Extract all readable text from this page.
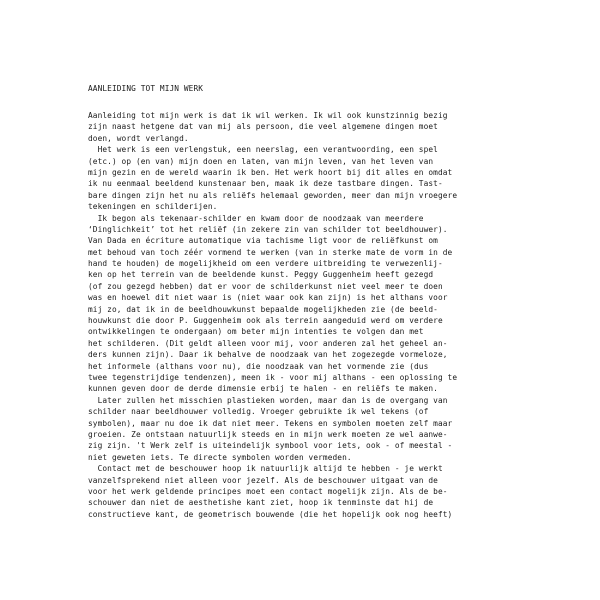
AANLEIDING TOT MIJN WERK
Aanleiding tot mijn werk is dat ik wil werken. Ik wil ook kunstzinnig bezig
zijn naast hetgene dat van mij als persoon, die veel algemene dingen moet
doen, wordt verlangd.
Het werk is een verlengstuk, een neerslag, een verantwoording, een spel
(etc.) op (en van) mijn doen en laten, van mijn leven, van het leven van
mijn gezin en de wereld waarin ik ben. Het werk hoort bij dit alles en omdat
ik nu eenmaal beeldend kunstenaar ben, maak ik deze tastbare dingen. Tast-
bare dingen zijn het nu als reliëfs helemaal geworden, meer dan mijn vroegere
tekeningen en schilderijen.
Ik begon als tekenaar-schilder en kwam door de noodzaak van meerdere
‘Dinglichkeit’ tot het reliëf (in zekere zin van schilder tot beeldhouwer).
Van Dada en écriture automatique via tachisme ligt voor de reliëfkunst om
met behoud van toch zéér vormend te werken (van in sterke mate de vorm in de
hand te houden) de mogelijkheid om een verdere uitbreiding te verwezenlij-
ken op het terrein van de beeldende kunst. Peggy Guggenheim heeft gezegd
(of zou gezegd hebben) dat er voor de schilderkunst niet veel meer te doen
was en hoewel dit niet waar is (niet waar ook kan zijn) is het althans voor
mij zo, dat ik in de beeldhouwkunst bepaalde mogelijkheden zie (de beeld-
houwkunst die door P. Guggenheim ook als terrein aangeduid werd om verdere
ontwikkelingen te ondergaan) om beter mijn intenties te volgen dan met
het schilderen. (Dit geldt alleen voor mij, voor anderen zal het geheel an-
ders kunnen zijn). Daar ik behalve de noodzaak van het zogezegde vormeloze,
het informele (althans voor nu), die noodzaak van het vormende zie (dus
twee tegenstrijdige tendenzen), meen ik - voor mij althans - een oplossing te
kunnen geven door de derde dimensie erbij te halen - en reliëfs te maken.
Later zullen het misschien plastieken worden, maar dan is de overgang van
schilder naar beeldhouwer volledig. Vroeger gebruikte ik wel tekens (of
symbolen), maar nu doe ik dat niet meer. Tekens en symbolen moeten zelf maar
groeien. Ze ontstaan natuurlijk steeds en in mijn werk moeten ze wel aanwe-
zig zijn. 't Werk zelf is uiteindelijk symbool voor iets, ook - of meestal -
niet geweten iets. Te directe symbolen worden vermeden.
Contact met de beschouwer hoop ik natuurlijk altijd te hebben - je werkt
vanzelfsprekend niet alleen voor jezelf. Als de beschouwer uitgaat van de
voor het werk geldende principes moet een contact mogelijk zijn. Als de be-
schouwer dan niet de aesthetishe kant ziet, hoop ik tenminste dat hij de
constructieve kant, de geometrisch bouwende (die het hopelijk ook nog heeft)
